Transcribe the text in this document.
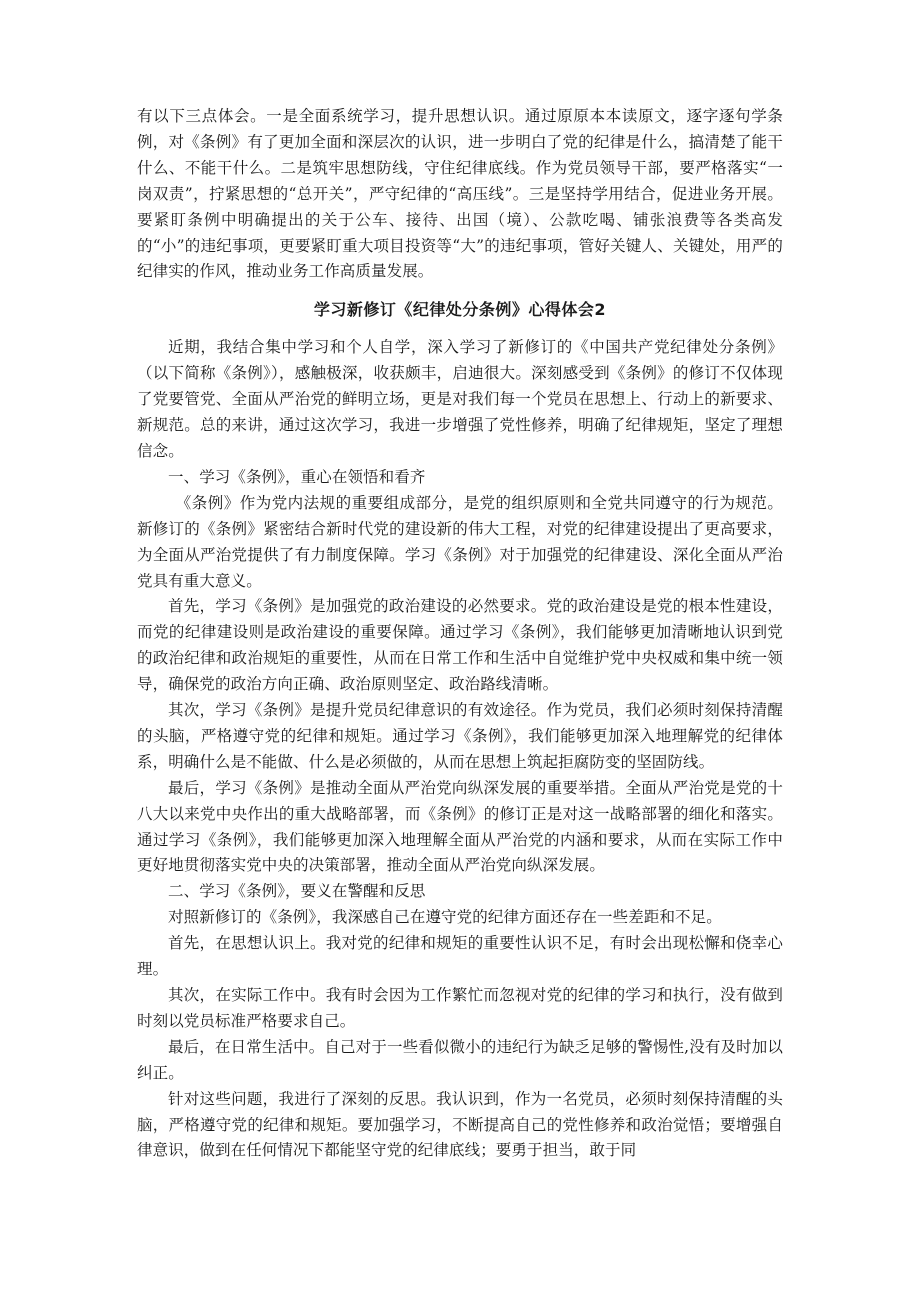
有以下三点体会。一是全面系统学习，提升思想认识。通过原原本本读原文，逐字逐句学条例，对《条例》有了更加全面和深层次的认识，进一步明白了党的纪律是什么，搞清楚了能干什么、不能干什么。二是筑牢思想防线，守住纪律底线。作为党员领导干部，要严格落实“一岗双责”，拧紧思想的“总开关”，严守纪律的“高压线”。三是坚持学用结合，促进业务开展。要紧盯条例中明确提出的关于公车、接待、出国（境）、公款吃喝、铺张浪费等各类高发的“小”的违纪事项，更要紧盯重大项目投资等“大”的违纪事项，管好关键人、关键处，用严的纪律实的作风，推动业务工作高质量发展。

学习新修订《纪律处分条例》心得体会2

近期，我结合集中学习和个人自学，深入学习了新修订的《中国共产党纪律处分条例》（以下简称《条例》），感触极深，收获颇丰，启迪很大。深刻感受到《条例》的修订不仅体现了党要管党、全面从严治党的鲜明立场，更是对我们每一个党员在思想上、行动上的新要求、新规范。总的来讲，通过这次学习，我进一步增强了党性修养，明确了纪律规矩，坚定了理想信念。

一、学习《条例》，重心在领悟和看齐

《条例》作为党内法规的重要组成部分，是党的组织原则和全党共同遵守的行为规范。新修订的《条例》紧密结合新时代党的建设新的伟大工程，对党的纪律建设提出了更高要求，为全面从严治党提供了有力制度保障。学习《条例》对于加强党的纪律建设、深化全面从严治党具有重大意义。

首先，学习《条例》是加强党的政治建设的必然要求。党的政治建设是党的根本性建设，而党的纪律建设则是政治建设的重要保障。通过学习《条例》，我们能够更加清晰地认识到党的政治纪律和政治规矩的重要性，从而在日常工作和生活中自觉维护党中央权威和集中统一领导，确保党的政治方向正确、政治原则坚定、政治路线清晰。

其次，学习《条例》是提升党员纪律意识的有效途径。作为党员，我们必须时刻保持清醒的头脑，严格遵守党的纪律和规矩。通过学习《条例》，我们能够更加深入地理解党的纪律体系，明确什么是不能做、什么是必须做的，从而在思想上筑起拒腐防变的坚固防线。

最后，学习《条例》是推动全面从严治党向纵深发展的重要举措。全面从严治党是党的十八大以来党中央作出的重大战略部署，而《条例》的修订正是对这一战略部署的细化和落实。通过学习《条例》，我们能够更加深入地理解全面从严治党的内涵和要求，从而在实际工作中更好地贯彻落实党中央的决策部署，推动全面从严治党向纵深发展。

二、学习《条例》，要义在警醒和反思

对照新修订的《条例》，我深感自己在遵守党的纪律方面还存在一些差距和不足。

首先，在思想认识上。我对党的纪律和规矩的重要性认识不足，有时会出现松懈和侥幸心理。

其次，在实际工作中。我有时会因为工作繁忙而忽视对党的纪律的学习和执行，没有做到时刻以党员标准严格要求自己。

最后，在日常生活中。自己对于一些看似微小的违纪行为缺乏足够的警惕性,没有及时加以纠正。

针对这些问题，我进行了深刻的反思。我认识到，作为一名党员，必须时刻保持清醒的头脑，严格遵守党的纪律和规矩。要加强学习，不断提高自己的党性修养和政治觉悟；要增强自律意识，做到在任何情况下都能坚守党的纪律底线；要勇于担当，敢于同
